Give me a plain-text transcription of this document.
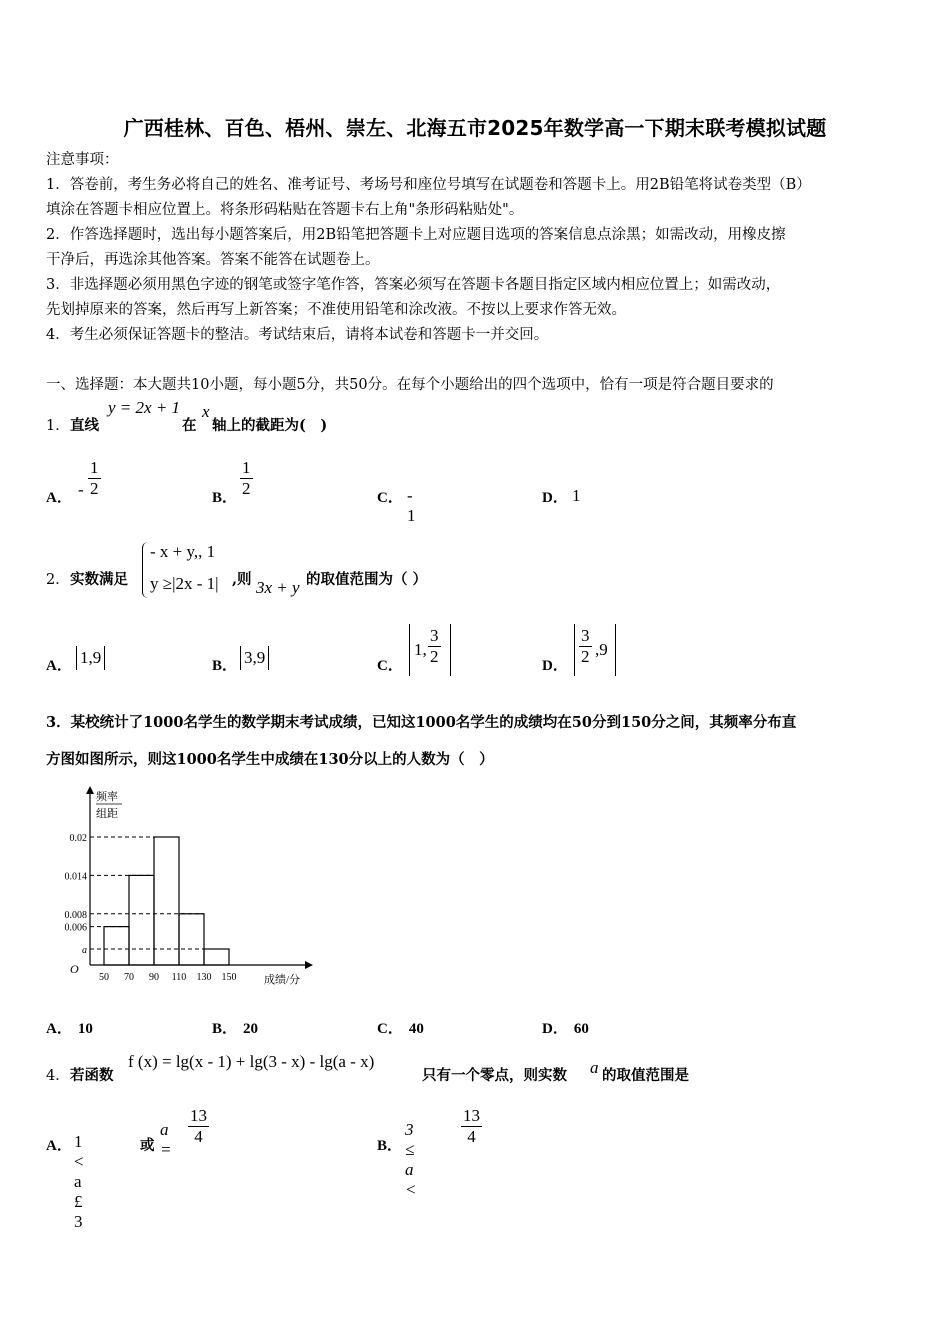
广西桂林、百色、梧州、崇左、北海五市2025年数学高一下期末联考模拟试题
注意事项：
1．答卷前，考生务必将自己的姓名、准考证号、考场号和座位号填写在试题卷和答题卡上。用2B铅笔将试卷类型（B）
填涂在答题卡相应位置上。将条形码粘贴在答题卡右上角"条形码粘贴处"。
2．作答选择题时，选出每小题答案后，用2B铅笔把答题卡上对应题目选项的答案信息点涂黑；如需改动，用橡皮擦
干净后，再选涂其他答案。答案不能答在试题卷上。
3．非选择题必须用黑色字迹的钢笔或签字笔作答，答案必须写在答题卡各题目指定区域内相应位置上；如需改动，
先划掉原来的答案，然后再写上新答案；不准使用铅笔和涂改液。不按以上要求作答无效。
4．考生必须保证答题卡的整洁。考试结束后，请将本试卷和答题卡一并交回。
一、选择题：本大题共10小题，每小题5分，共50分。在每个小题给出的四个选项中，恰有一项是符合题目要求的
1． 直线
y = 2x + 1
在
x
轴上的截距为(　)
A． - $\frac{1}{2}$	B． $\frac{1}{2}$	C． - 1
D． 1
2． 实数满足
- x + y,, 1
y ≥|2x - 1| ,则 3x + y 的取值范围为（ ）
A． 1,9	B． 3,9	C．
1, $\frac{3}{2}$	D． $\frac{3}{2} ,9$
3．某校统计了1000名学生的数学期末考试成绩，已知这1000名学生的成绩均在50分到150分之间，其频率分布直
方图如图所示，则这1000名学生中成绩在130分以上的人数为（　）
频率
组距
成绩/分
O
0.02
0.014
0.008
0.006
a
50 70 90 110 130 150
A． 10	B． 20	C． 40	D． 60
4． 若函数
f (x) = lg(x - 1) + lg(3 - x) - lg(a - x)
只有一个零点，则实数 a 的取值范围是
A． 1 < a £ 3
或
a =
$\frac{13}{4}$	B．
3 ≤ a <
$\frac{13}{4}$
